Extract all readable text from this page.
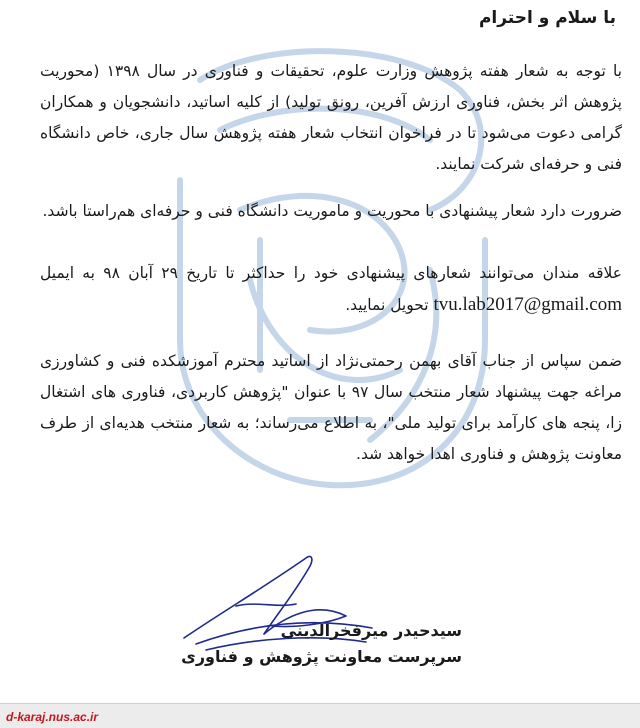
با سلام و احترام

با توجه به شعار هفته پژوهش وزارت علوم، تحقیقات و فناوری در سال ۱۳۹۸ (محوریت پژوهش اثر بخش، فناوری ارزش آفرین، رونق تولید) از کلیه اساتید، دانشجویان و همکاران گرامی دعوت می‌شود تا در فراخوان انتخاب شعار هفته پژوهش سال جاری، خاص دانشگاه فنی و حرفه‌ای شرکت نمایند.

ضرورت دارد شعار پیشنهادی با محوریت و ماموریت دانشگاه فنی و حرفه‌ای هم‌راستا باشد.

علاقه مندان می‌توانند شعارهای پیشنهادی خود را حداکثر تا تاریخ ۲۹ آبان ۹۸ به ایمیل tvu.lab2017@gmail.com تحویل نمایید.

ضمن سپاس از جناب آقای بهمن رحمتی‌نژاد از اساتید محترم آموزشکده فنی و کشاورزی مراغه جهت پیشنهاد شعار منتخب سال ۹۷ با عنوان "پژوهش کاربردی، فناوری های اشتغال زا، پنجه های کارآمد برای تولید ملی"، به اطلاع می‌رساند؛ به شعار منتخب هدیه‌ای از طرف معاونت پژوهش و فناوری اهدا خواهد شد.

سیدحیدر میرفخرالدینی
سرپرست معاونت پژوهش و فناوری
d-karaj.nus.ac.ir
